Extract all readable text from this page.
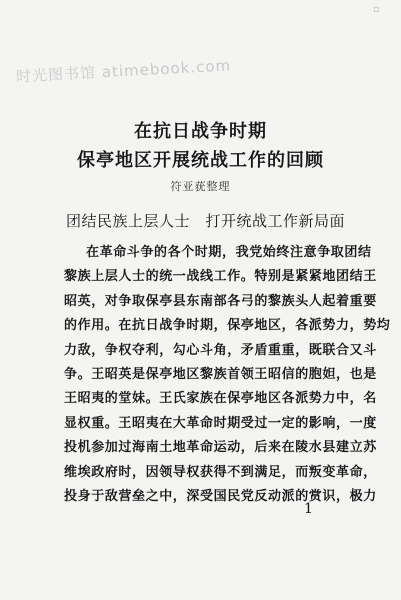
▫
时光图书馆 atimebook.com
在抗日战争时期
保亭地区开展统战工作的回顾
符亚莸整理
团结民族上层人士　打开统战工作新局面
在革命斗争的各个时期，我党始终注意争取团结
黎族上层人士的统一战线工作。特别是紧紧地团结王
昭英，对争取保亭县东南部各弓的黎族头人起着重要
的作用。在抗日战争时期，保亭地区，各派势力，势均
力敌，争权夺利，勾心斗角，矛盾重重，既联合又斗
争。王昭英是保亭地区黎族首领王昭信的胞妲，也是
王昭夷的堂妹。王氏家族在保亭地区各派势力中，名
显权重。王昭夷在大革命时期受过一定的影响，一度
投机参加过海南土地革命运动，后来在陵水县建立苏
维埃政府时，因领导权获得不到满足，而叛变革命，
投身于敌营垒之中，深受国民党反动派的赏识，极力
1
